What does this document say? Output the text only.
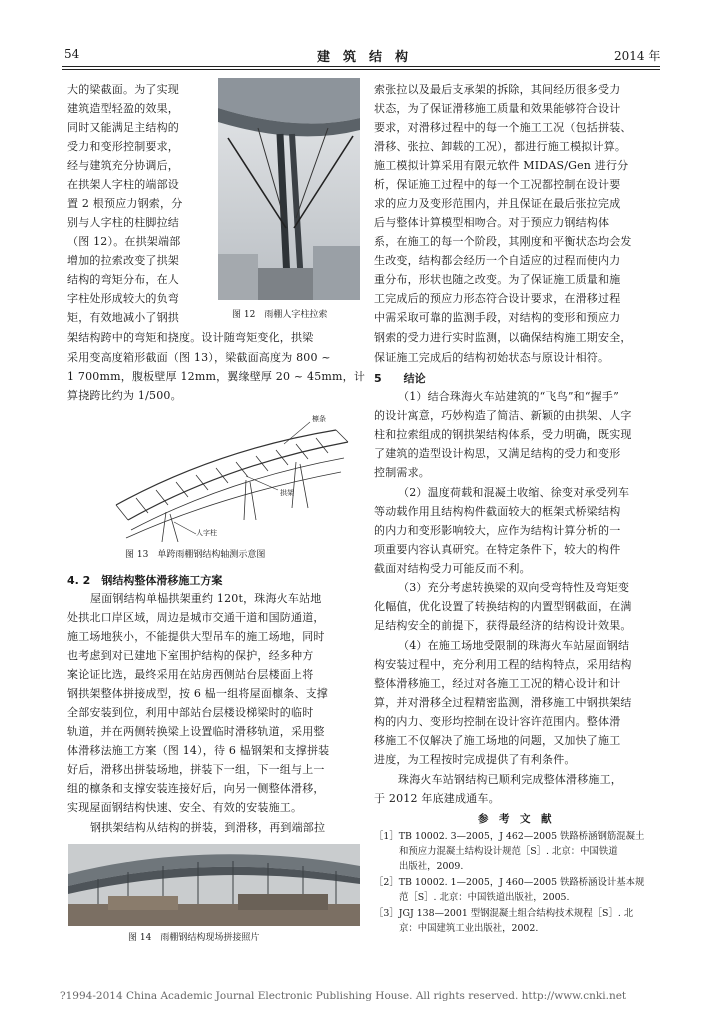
54	建　筑　结　构	2014 年
大的梁截面。为了实现
建筑造型轻盈的效果，
同时又能满足主结构的
受力和变形控制要求，
经与建筑充分协调后，
在拱架人字柱的端部设
置 2 根预应力钢索，分
别与人字柱的柱脚拉结
（图 12）。在拱架端部
增加的拉索改变了拱架
结构的弯矩分布，在人
字柱处形成较大的负弯
矩，有效地减小了钢拱	图 12　雨棚人字柱拉索
架结构跨中的弯矩和挠度。设计随弯矩变化，拱梁
采用变高度箱形截面（图 13），梁截面高度为 800 ~
1 700mm，腹板壁厚 12mm，翼缘壁厚 20 ~ 45mm，计
算挠跨比约为 1/500。
檩条
拱架
人字柱
图 13　单跨雨棚钢结构轴测示意图
4. 2　钢结构整体滑移施工方案
屋面钢结构单榀拱架重约 120t，珠海火车站地
处拱北口岸区域，周边是城市交通干道和国防通道，
施工场地狭小，不能提供大型吊车的施工场地，同时
也考虑到对已建地下室围护结构的保护，经多种方
案论证比选，最终采用在站房西侧站台层楼面上将
钢拱架整体拼接成型，按 6 榀一组将屋面檩条、支撑
全部安装到位，利用中部站台层楼设梯梁时的临时
轨道，并在两侧转换梁上设置临时滑移轨道，采用整
体滑移法施工方案（图 14），待 6 榀钢架和支撑拼装
好后，滑移出拼装场地，拼装下一组，下一组与上一
组的檩条和支撑安装连接好后，向另一侧整体滑移，
实现屋面钢结构快速、安全、有效的安装施工。
钢拱架结构从结构的拼装，到滑移，再到端部拉
图 14　雨棚钢结构现场拼接照片
索张拉以及最后支承架的拆除，其间经历很多受力
状态，为了保证滑移施工质量和效果能够符合设计
要求，对滑移过程中的每一个施工工况（包括拼装、
滑移、张拉、卸载的工况），都进行施工模拟计算。
施工模拟计算采用有限元软件 MIDAS/Gen 进行分
析，保证施工过程中的每一个工况都控制在设计要
求的应力及变形范围内，并且保证在最后张拉完成
后与整体计算模型相吻合。对于预应力钢结构体
系，在施工的每一个阶段，其刚度和平衡状态均会发
生改变，结构都会经历一个自适应的过程而使内力
重分布，形状也随之改变。为了保证施工质量和施
工完成后的预应力形态符合设计要求，在滑移过程
中需采取可靠的监测手段，对结构的变形和预应力
钢索的受力进行实时监测，以确保结构施工期安全，
保证施工完成后的结构初始状态与原设计相符。
5　　结论
（1）结合珠海火车站建筑的“飞鸟”和“握手”
的设计寓意，巧妙构造了简洁、新颖的由拱架、人字
柱和拉索组成的钢拱架结构体系，受力明确，既实现
了建筑的造型设计构思，又满足结构的受力和变形
控制需求。
（2）温度荷载和混凝土收缩、徐变对承受列车
等动载作用且结构构件截面较大的框架式桥梁结构
的内力和变形影响较大，应作为结构计算分析的一
项重要内容认真研究。在特定条件下，较大的构件
截面对结构受力可能反而不利。
（3）充分考虑转换梁的双向受弯特性及弯矩变
化幅值，优化设置了转换结构的内置型钢截面，在满
足结构安全的前提下，获得最经济的结构设计效果。
（4）在施工场地受限制的珠海火车站屋面钢结
构安装过程中，充分利用工程的结构特点，采用结构
整体滑移施工，经过对各施工工况的精心设计和计
算，并对滑移全过程精密监测，滑移施工中钢拱架结
构的内力、变形均控制在设计容许范围内。整体滑
移施工不仅解决了施工场地的问题，又加快了施工
进度，为工程按时完成提供了有利条件。
珠海火车站钢结构已顺利完成整体滑移施工，
于 2012 年底建成通车。
参　考　文　献
［1］TB 10002. 3—2005，J 462—2005 铁路桥涵钢筋混凝土
和预应力混凝土结构设计规范［S］. 北京：中国铁道
出版社，2009.
［2］TB 10002. 1—2005，J 460—2005 铁路桥涵设计基本规
范［S］. 北京：中国铁道出版社，2005.
［3］JGJ 138—2001 型钢混凝土组合结构技术规程［S］. 北
京：中国建筑工业出版社，2002.
?1994-2014 China Academic Journal Electronic Publishing House. All rights reserved. http://www.cnki.net
